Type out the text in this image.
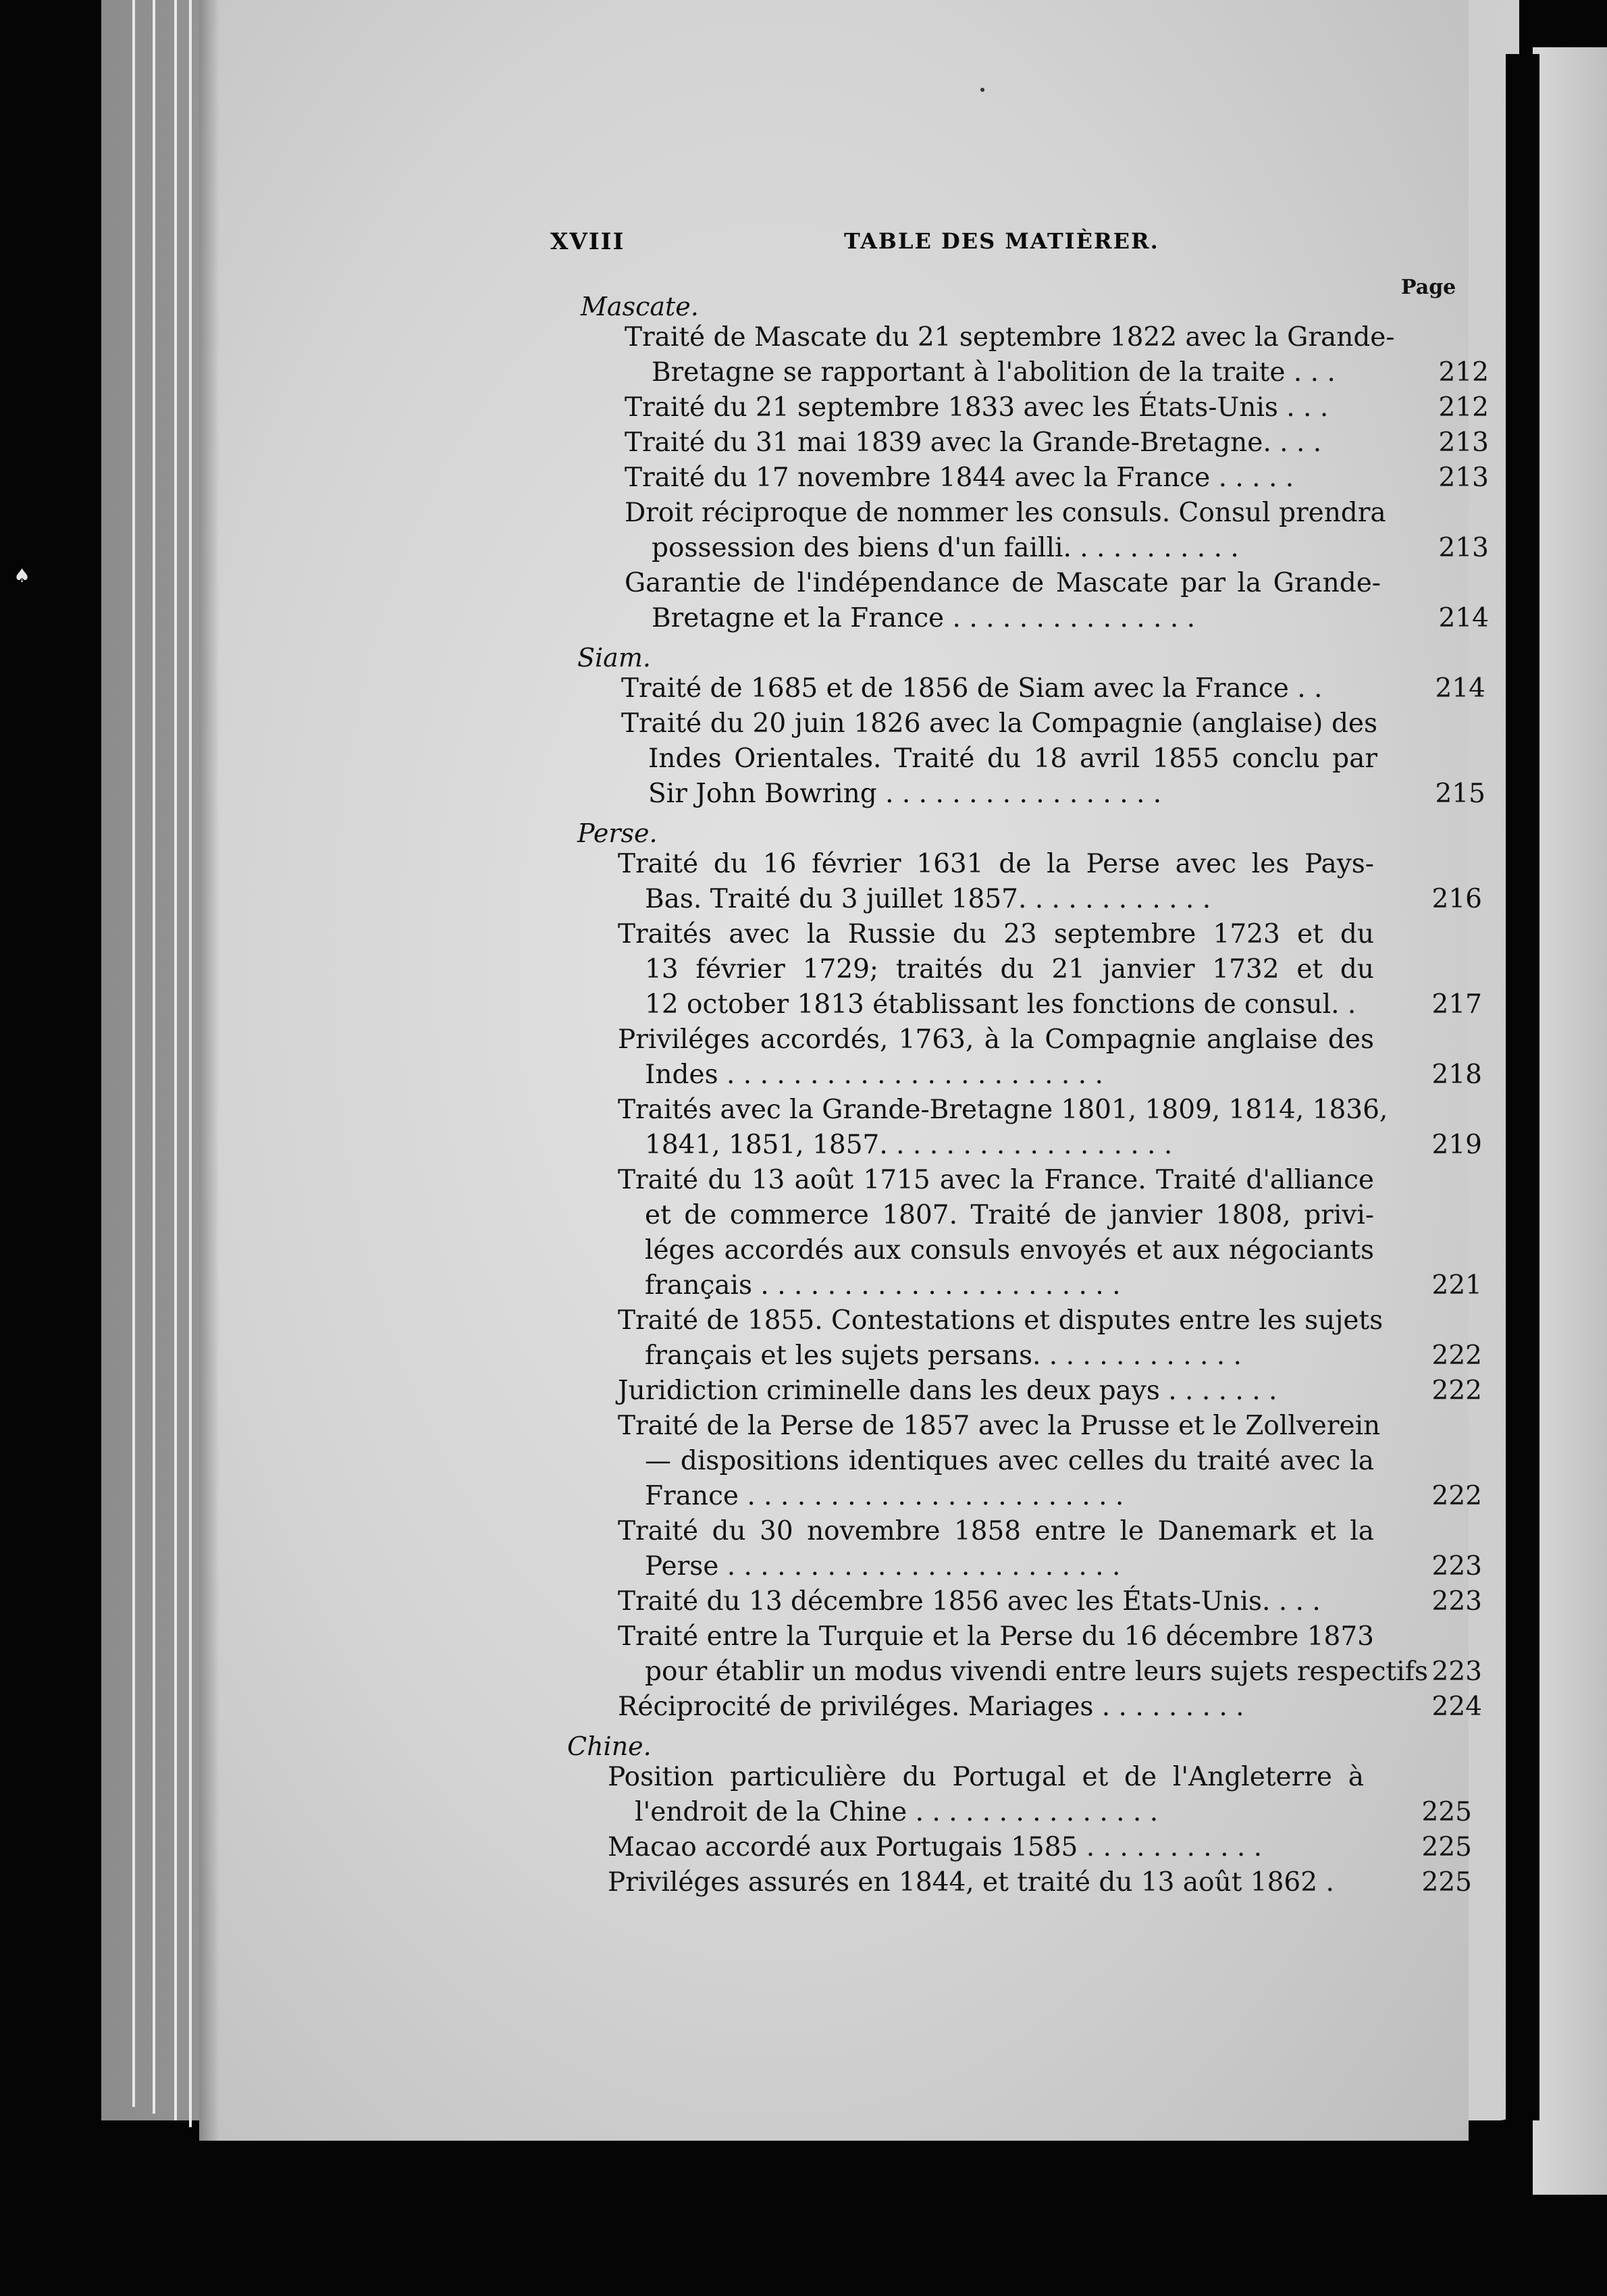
♠
XVIII	TABLE DES MATIÈRER.
Page
Mascate.
Traité de Mascate du 21 septembre 1822 avec la Grande-
Bretagne se rapportant à l'abolition de la traite . . .	212
Traité du 21 septembre 1833 avec les États-Unis . . .	212
Traité du 31 mai 1839 avec la Grande-Bretagne. . . .	213
Traité du 17 novembre 1844 avec la France . . . . .	213
Droit réciproque de nommer les consuls. Consul prendra
possession des biens d'un failli. . . . . . . . . . .	213
Garantie de l'indépendance de Mascate par la Grande-
Bretagne et la France . . . . . . . . . . . . . . .	214
Siam.
Traité de 1685 et de 1856 de Siam avec la France . .	214
Traité du 20 juin 1826 avec la Compagnie (anglaise) des
Indes Orientales. Traité du 18 avril 1855 conclu par
Sir John Bowring . . . . . . . . . . . . . . . . .	215
Perse.
Traité du 16 février 1631 de la Perse avec les Pays-
Bas. Traité du 3 juillet 1857. . . . . . . . . . . .	216
Traités avec la Russie du 23 septembre 1723 et du
13 février 1729; traités du 21 janvier 1732 et du
12 october 1813 établissant les fonctions de consul. .	217
Priviléges accordés, 1763, à la Compagnie anglaise des
Indes . . . . . . . . . . . . . . . . . . . . . . .	218
Traités avec la Grande-Bretagne 1801, 1809, 1814, 1836,
1841, 1851, 1857. . . . . . . . . . . . . . . . . .	219
Traité du 13 août 1715 avec la France. Traité d'alliance
et de commerce 1807. Traité de janvier 1808, privi-
léges accordés aux consuls envoyés et aux négociants
français . . . . . . . . . . . . . . . . . . . . . .	221
Traité de 1855. Contestations et disputes entre les sujets
français et les sujets persans. . . . . . . . . . . . .	222
Juridiction criminelle dans les deux pays . . . . . . .	222
Traité de la Perse de 1857 avec la Prusse et le Zollverein
— dispositions identiques avec celles du traité avec la
France . . . . . . . . . . . . . . . . . . . . . . .	222
Traité du 30 novembre 1858 entre le Danemark et la
Perse . . . . . . . . . . . . . . . . . . . . . . . .	223
Traité du 13 décembre 1856 avec les États-Unis. . . .	223
Traité entre la Turquie et la Perse du 16 décembre 1873
pour établir un modus vivendi entre leurs sujets respectifs 223
Réciprocité de priviléges. Mariages . . . . . . . . .	224
Chine.
Position particulière du Portugal et de l'Angleterre à
l'endroit de la Chine . . . . . . . . . . . . . . .	225
Macao accordé aux Portugais 1585 . . . . . . . . . . .	225
Priviléges assurés en 1844, et traité du 13 août 1862 .	225
